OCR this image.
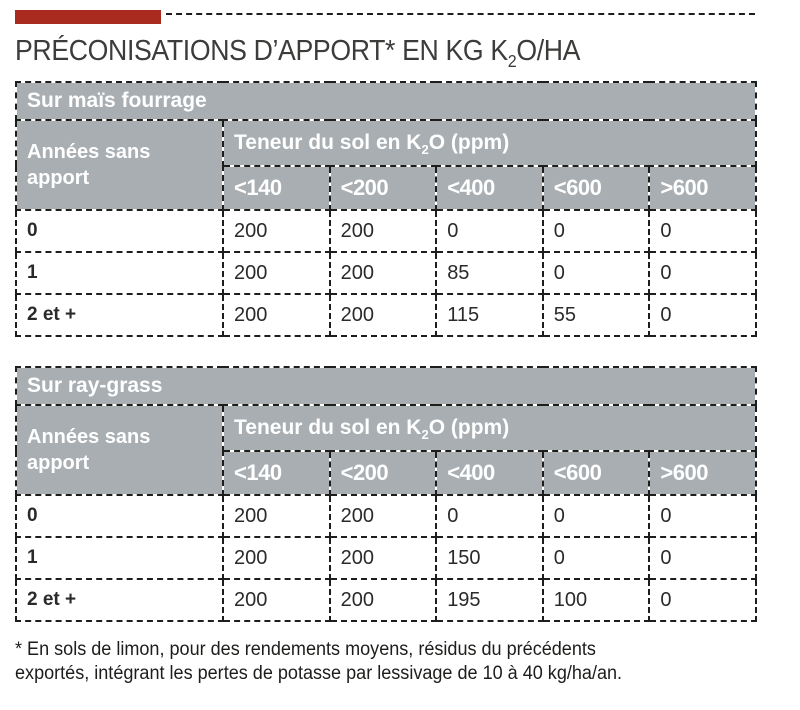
PRÉCONISATIONS D’APPORT* EN KG $K_2O/HA$
Sur maïs fourrage					

Années sans apport	Teneur du sol en $K_2O$ (ppm)				
	<140	<200	<400	<600	>600
0	200	200	0	0	0
1	200	200	85	0	0
2 et +	200	200	115	55	0
Sur ray-grass					

Années sans apport	Teneur du sol en $K_2O$ (ppm)				
	<140	<200	<400	<600	>600
0	200	200	0	0	0
1	200	200	150	0	0
2 et +	200	200	195	100	0

* En sols de limon, pour des rendements moyens, résidus du précédents
exportés, intégrant les pertes de potasse par lessivage de 10 à 40 kg/ha/an.
